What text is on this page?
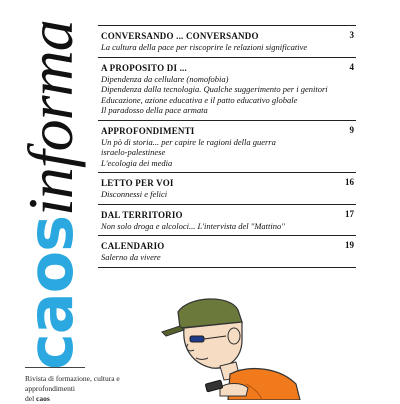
caosinforma	CONVERSANDO ... CONVERSANDO	3
La cultura della pace per riscoprire le relazioni significative
A PROPOSITO DI ...	4
Dipendenza da cellulare (nomofobia)
Dipendenza dalla tecnologia. Qualche suggerimento per i genitori
Educazione, azione educativa e il patto educativo globale
Il paradosso della pace armata
APPROFONDIMENTI	9
Un pò di storia... per capire le ragioni della guerra
israelo-palestinese
L'ecologia dei media
LETTO PER VOI	16
Disconnessi e felici
DAL TERRITORIO	17
Non solo droga e alcoloci... L'intervista del "Mattino"
CALENDARIO	19
Salerno da vivere
Rivista di formazione, cultura e
approfondimenti
del caos
